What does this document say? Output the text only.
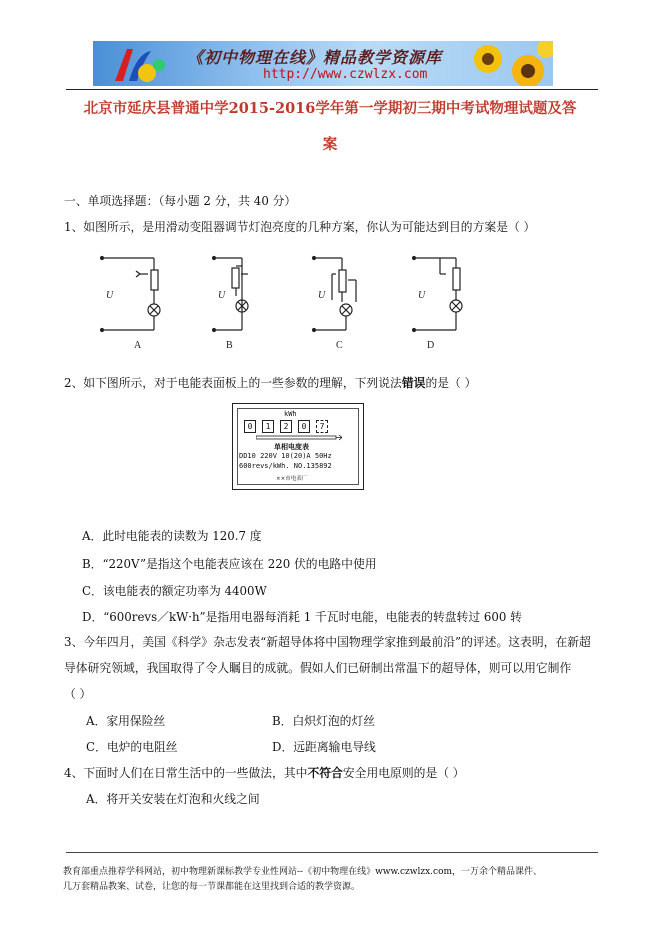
《初中物理在线》精品教学资源库
http://www.czwlzx.com
北京市延庆县普通中学2015-2016学年第一学期初三期中考试物理试题及答
案
一、单项选择题：（每小题 2 分，共 40 分）
1、如图所示，是用滑动变阻器调节灯泡亮度的几种方案，你认为可能达到目的方案是（ ）
U	U	U	U
A	B	C	D
2、如下图所示，对于电能表面板上的一些参数的理解，下列说法错误的是（ ）
kWh
0	1	2	0	7
单相电度表
DD10 220V 10(20)A 50Hz
600revs/kWh. NO.135892
××市电表厂
A．此时电能表的读数为 120.7 度
B．“220V”是指这个电能表应该在 220 伏的电路中使用
C．该电能表的额定功率为 4400W
D．“600revs／kW·h”是指用电器每消耗 1 千瓦时电能，电能表的转盘转过 600 转
3、今年四月，美国《科学》杂志发表“新超导体将中国物理学家推到最前沿”的评述。这表明，在新超
导体研究领域，我国取得了令人瞩目的成就。假如人们已研制出常温下的超导体，则可以用它制作
（ ）
A．家用保险丝	B．白炽灯泡的灯丝
C．电炉的电阻丝	D．远距离输电导线
4、下面时人们在日常生活中的一些做法，其中不符合安全用电原则的是（ ）
A．将开关安装在灯泡和火线之间
教育部重点推荐学科网站，初中物理新课标教学专业性网站--《初中物理在线》www.czwlzx.com，一万余个精品课件、
几万套精品教案、试卷，让您的每一节课都能在这里找到合适的教学资源。
